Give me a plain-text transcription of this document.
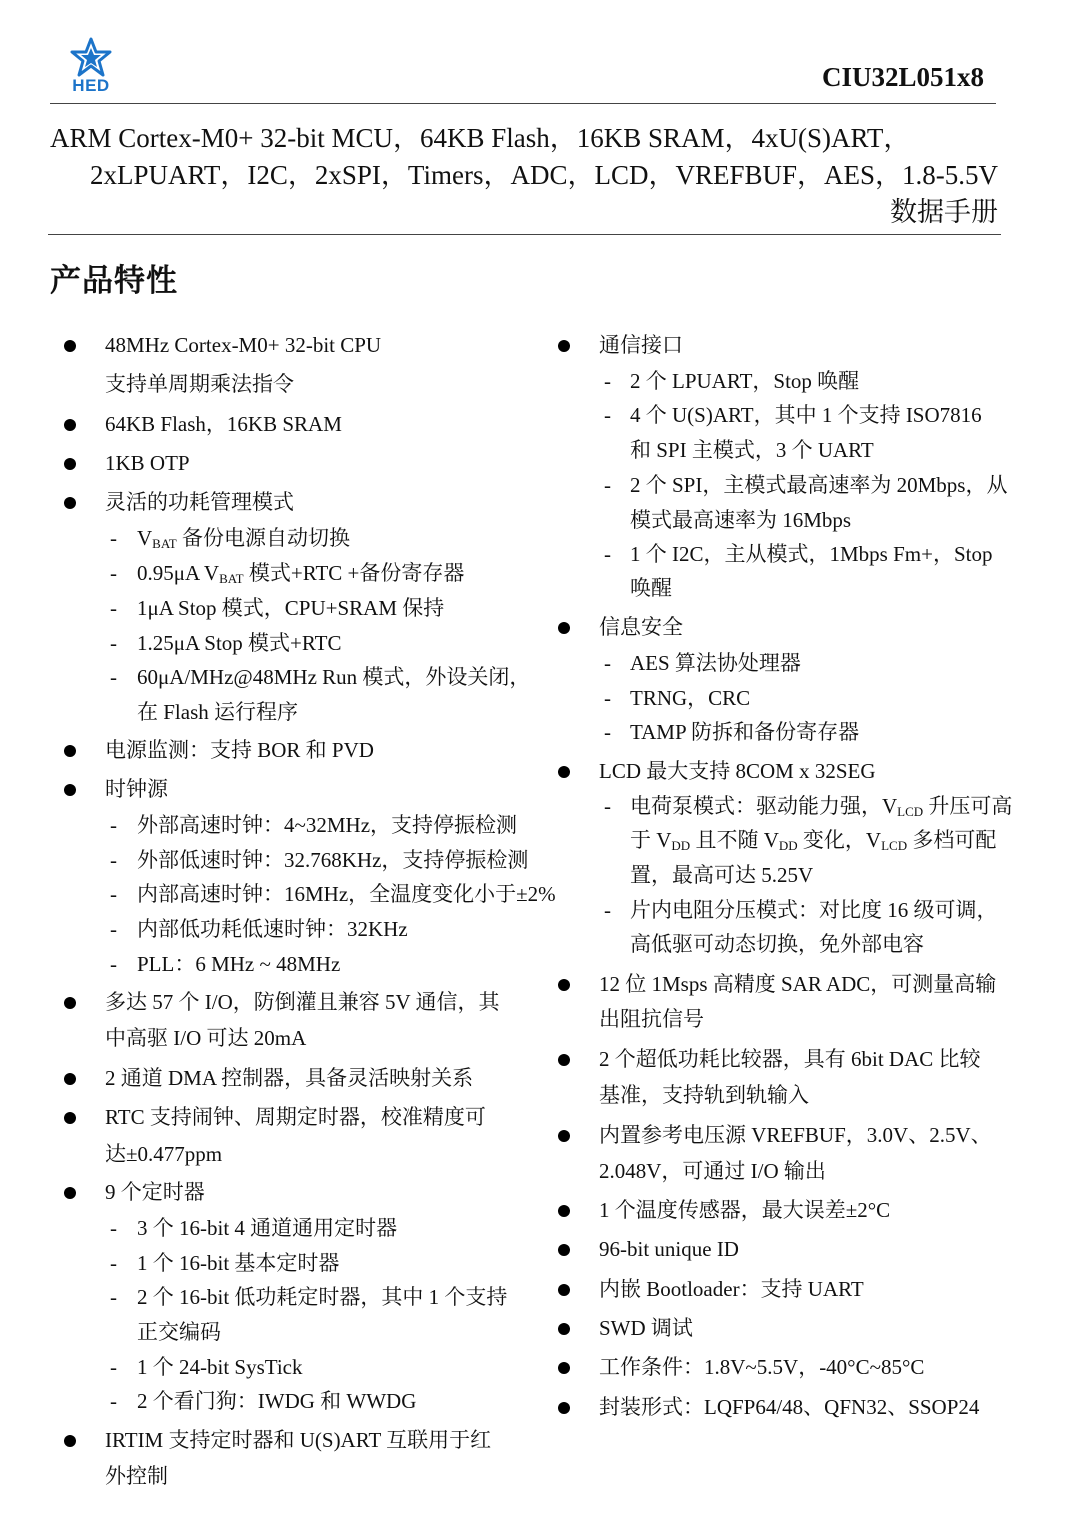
HED	CIU32L051x8
ARM Cortex-M0+ 32-bit MCU，64KB Flash，16KB SRAM，4xU(S)ART，
2xLPUART，I2C，2xSPI，Timers，ADC，LCD，VREFBUF，AES，1.8-5.5V
数据手册
产品特性
48MHz Cortex-M0+ 32-bit CPU
支持单周期乘法指令
64KB Flash，16KB SRAM
1KB OTP
灵活的功耗管理模式
- $V_{BAT}$ 备份电源自动切换
- 0.95μA $V_{BAT}$ 模式+RTC +备份寄存器
- 1μA Stop 模式，CPU+SRAM 保持
- 1.25μA Stop 模式+RTC
- 60μA/MHz@48MHz Run 模式，外设关闭，
在 Flash 运行程序
电源监测：支持 BOR 和 PVD
时钟源
- 外部高速时钟：4~32MHz，支持停振检测
- 外部低速时钟：32.768KHz，支持停振检测
- 内部高速时钟：16MHz，全温度变化小于±2%
- 内部低功耗低速时钟：32KHz
- PLL：6 MHz ~ 48MHz
多达 57 个 I/O，防倒灌且兼容 5V 通信，其
中高驱 I/O 可达 20mA
2 通道 DMA 控制器，具备灵活映射关系
RTC 支持闹钟、周期定时器，校准精度可
达±0.477ppm
9 个定时器
- 3 个 16-bit 4 通道通用定时器
- 1 个 16-bit 基本定时器
- 2 个 16-bit 低功耗定时器，其中 1 个支持
正交编码
- 1 个 24-bit SysTick
- 2 个看门狗：IWDG 和 WWDG
IRTIM 支持定时器和 U(S)ART 互联用于红
外控制
通信接口
- 2 个 LPUART，Stop 唤醒
- 4 个 U(S)ART，其中 1 个支持 ISO7816
和 SPI 主模式，3 个 UART
- 2 个 SPI，主模式最高速率为 20Mbps，从
模式最高速率为 16Mbps
- 1 个 I2C，主从模式，1Mbps Fm+，Stop
唤醒
信息安全
- AES 算法协处理器
- TRNG，CRC
- TAMP 防拆和备份寄存器
LCD 最大支持 8COM x 32SEG
- 电荷泵模式：驱动能力强，$V_{LCD}$ 升压可高
于 $V_{DD}$ 且不随 $V_{DD}$ 变化，$V_{LCD}$ 多档可配
置，最高可达 5.25V
- 片内电阻分压模式：对比度 16 级可调，
高低驱可动态切换，免外部电容
12 位 1Msps 高精度 SAR ADC，可测量高输
出阻抗信号
2 个超低功耗比较器，具有 6bit DAC 比较
基准，支持轨到轨输入
内置参考电压源 VREFBUF，3.0V、2.5V、
2.048V，可通过 I/O 输出
1 个温度传感器，最大误差±2°C
96-bit unique ID
内嵌 Bootloader：支持 UART
SWD 调试
工作条件：1.8V~5.5V，-40°C~85°C
封装形式：LQFP64/48、QFN32、SSOP24
